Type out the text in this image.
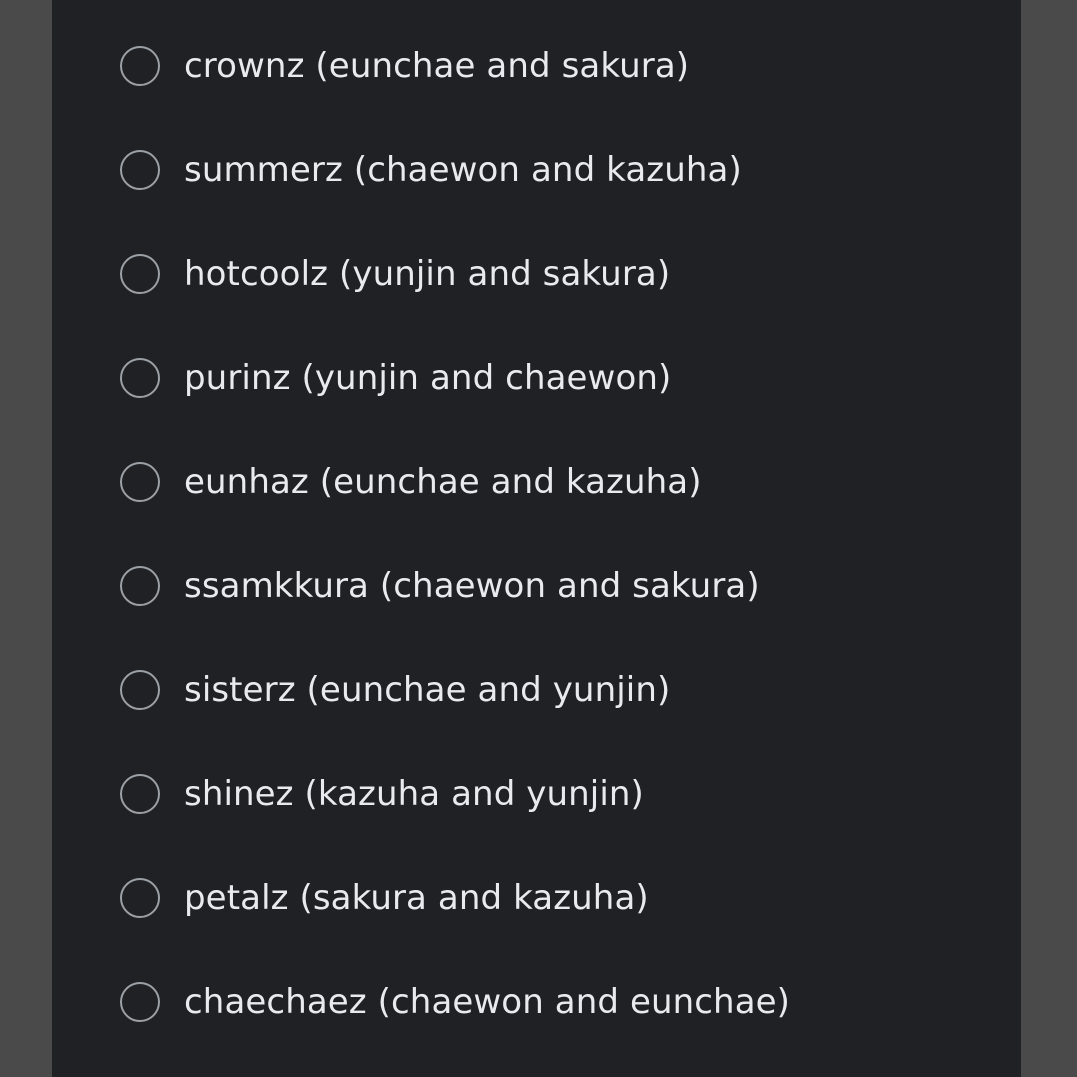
crownz (eunchae and sakura)
summerz (chaewon and kazuha)
hotcoolz (yunjin and sakura)
purinz (yunjin and chaewon)
eunhaz (eunchae and kazuha)
ssamkkura (chaewon and sakura)
sisterz (eunchae and yunjin)
shinez (kazuha and yunjin)
petalz (sakura and kazuha)
chaechaez (chaewon and eunchae)
